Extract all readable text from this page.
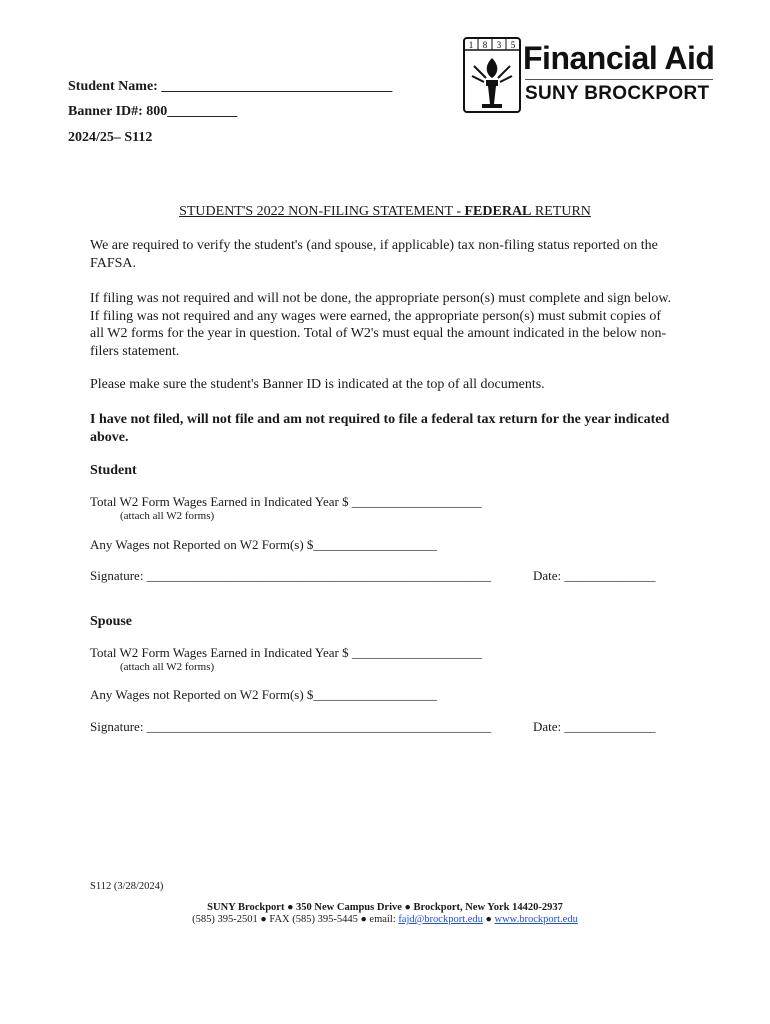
Student Name: _________________________________
Banner ID#: 800__________
2024/25– S112
1 8 3 5 Financial Aid
SUNY BROCKPORT
STUDENT'S 2022 NON-FILING STATEMENT - FEDERAL RETURN
We are required to verify the student's (and spouse, if applicable) tax non-filing status reported on the FAFSA.
If filing was not required and will not be done, the appropriate person(s) must complete and sign below. If filing was not required and any wages were earned, the appropriate person(s) must submit copies of all W2 forms for the year in question. Total of W2's must equal the amount indicated in the below non-filers statement.
Please make sure the student's Banner ID is indicated at the top of all documents.
I have not filed, will not file and am not required to file a federal tax return for the year indicated above.
Student
Total W2 Form Wages Earned in Indicated Year $ ____________________
(attach all W2 forms)
Any Wages not Reported on W2 Form(s) $___________________
Signature: _____________________________________________________	Date: ______________
Spouse
Total W2 Form Wages Earned in Indicated Year $ ____________________
(attach all W2 forms)
Any Wages not Reported on W2 Form(s) $___________________
Signature: _____________________________________________________	Date: ______________
S112 (3/28/2024)
SUNY Brockport ● 350 New Campus Drive ● Brockport, New York 14420-2937
(585) 395-2501 ● FAX (585) 395-5445 ● email: fajd@brockport.edu ● www.brockport.edu
